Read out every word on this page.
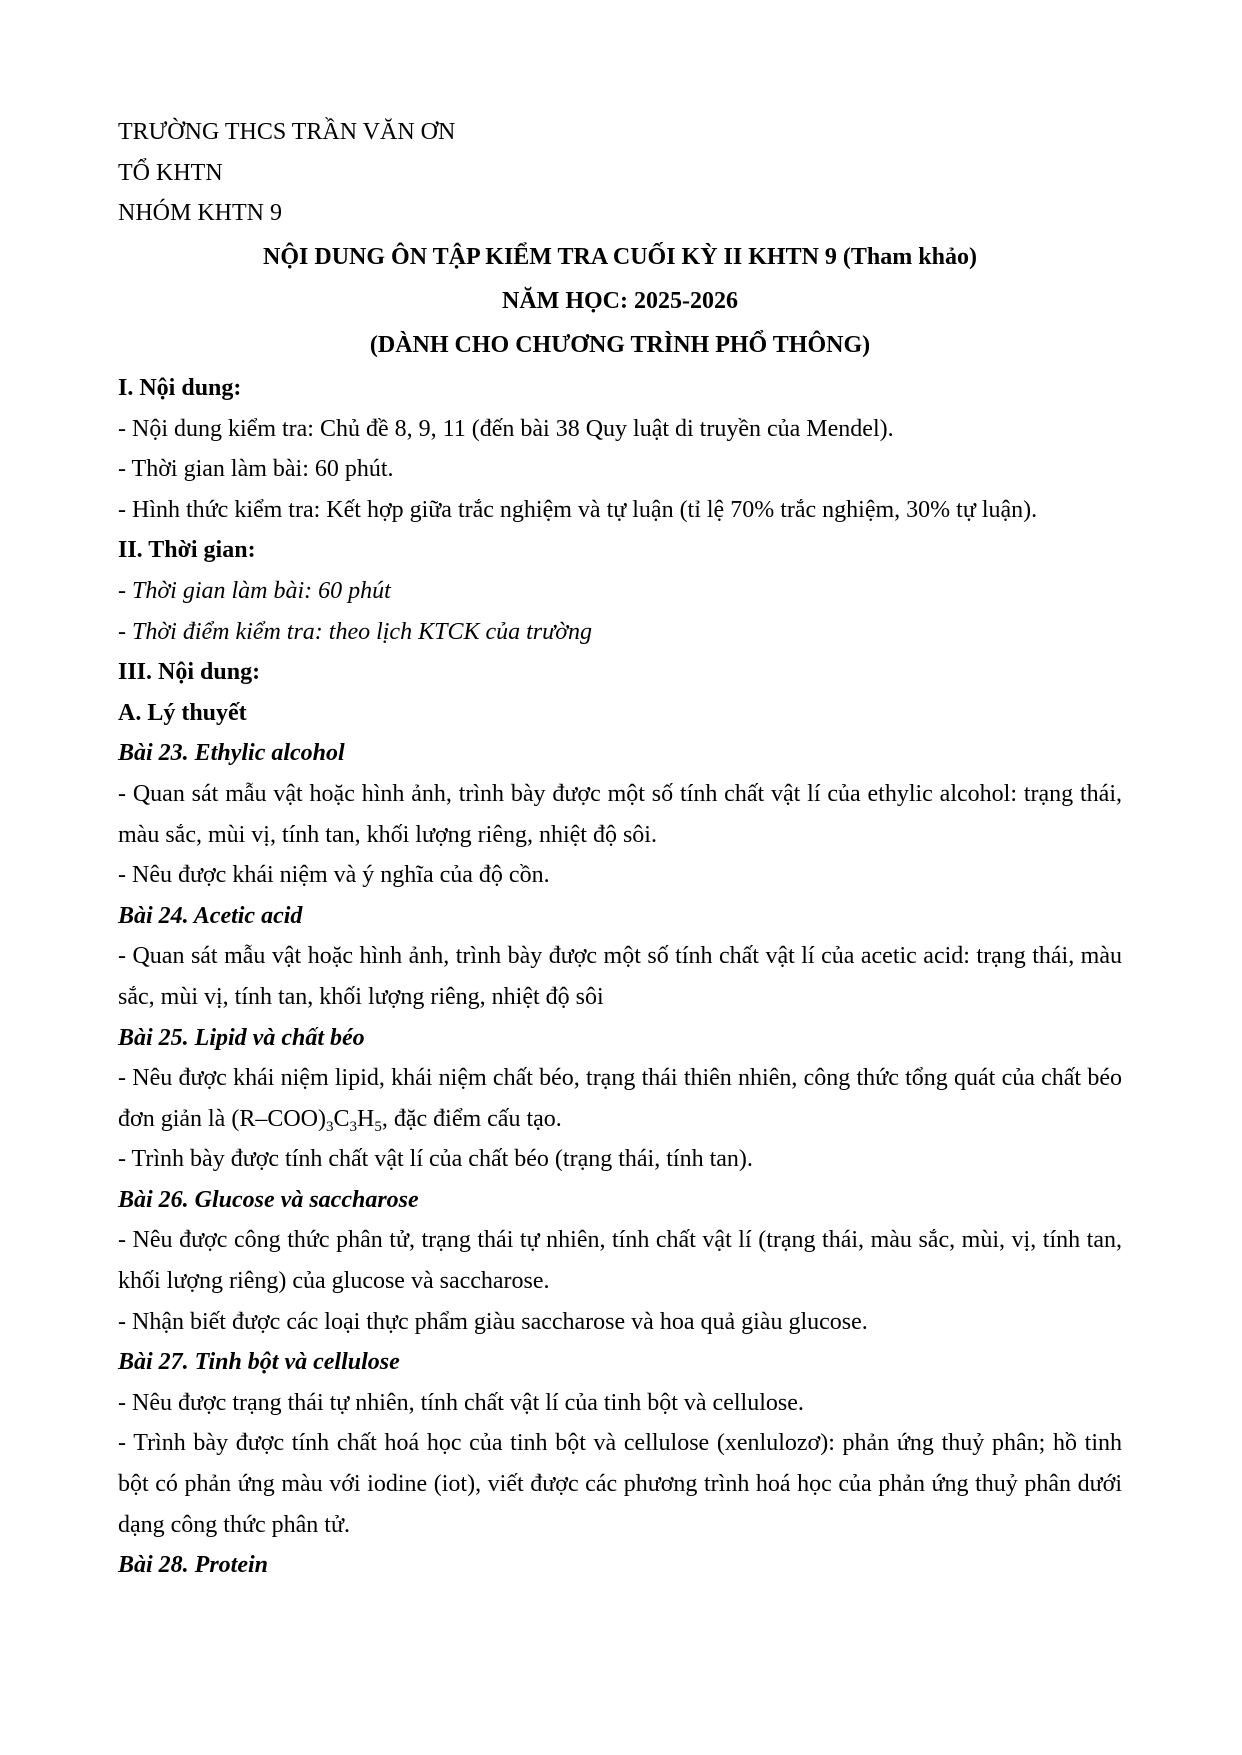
TRƯỜNG THCS TRẦN VĂN ƠN
TỔ KHTN
NHÓM KHTN 9
NỘI DUNG ÔN TẬP KIỂM TRA CUỐI KỲ II KHTN 9 (Tham khảo)
NĂM HỌC: 2025-2026
(DÀNH CHO CHƯƠNG TRÌNH PHỔ THÔNG)
I. Nội dung:
- Nội dung kiểm tra: Chủ đề 8, 9, 11 (đến bài 38 Quy luật di truyền của Mendel).
- Thời gian làm bài: 60 phút.
- Hình thức kiểm tra: Kết hợp giữa trắc nghiệm và tự luận (tỉ lệ 70% trắc nghiệm, 30% tự luận).
II. Thời gian:
- Thời gian làm bài: 60 phút
- Thời điểm kiểm tra: theo lịch KTCK của trường
III. Nội dung:
A. Lý thuyết
Bài 23. Ethylic alcohol
- Quan sát mẫu vật hoặc hình ảnh, trình bày được một số tính chất vật lí của ethylic alcohol: trạng thái, màu sắc, mùi vị, tính tan, khối lượng riêng, nhiệt độ sôi.
- Nêu được khái niệm và ý nghĩa của độ cồn.
Bài 24. Acetic acid
- Quan sát mẫu vật hoặc hình ảnh, trình bày được một số tính chất vật lí của acetic acid: trạng thái, màu sắc, mùi vị, tính tan, khối lượng riêng, nhiệt độ sôi
Bài 25. Lipid và chất béo
- Nêu được khái niệm lipid, khái niệm chất béo, trạng thái thiên nhiên, công thức tổng quát của chất béo đơn giản là $(R-COO)_3C_3H_5$, đặc điểm cấu tạo.
- Trình bày được tính chất vật lí của chất béo (trạng thái, tính tan).
Bài 26. Glucose và saccharose
- Nêu được công thức phân tử, trạng thái tự nhiên, tính chất vật lí (trạng thái, màu sắc, mùi, vị, tính tan, khối lượng riêng) của glucose và saccharose.
- Nhận biết được các loại thực phẩm giàu saccharose và hoa quả giàu glucose.
Bài 27. Tinh bột và cellulose
- Nêu được trạng thái tự nhiên, tính chất vật lí của tinh bột và cellulose.
- Trình bày được tính chất hoá học của tinh bột và cellulose (xenlulozơ): phản ứng thuỷ phân; hồ tinh bột có phản ứng màu với iodine (iot), viết được các phương trình hoá học của phản ứng thuỷ phân dưới dạng công thức phân tử.
Bài 28. Protein
